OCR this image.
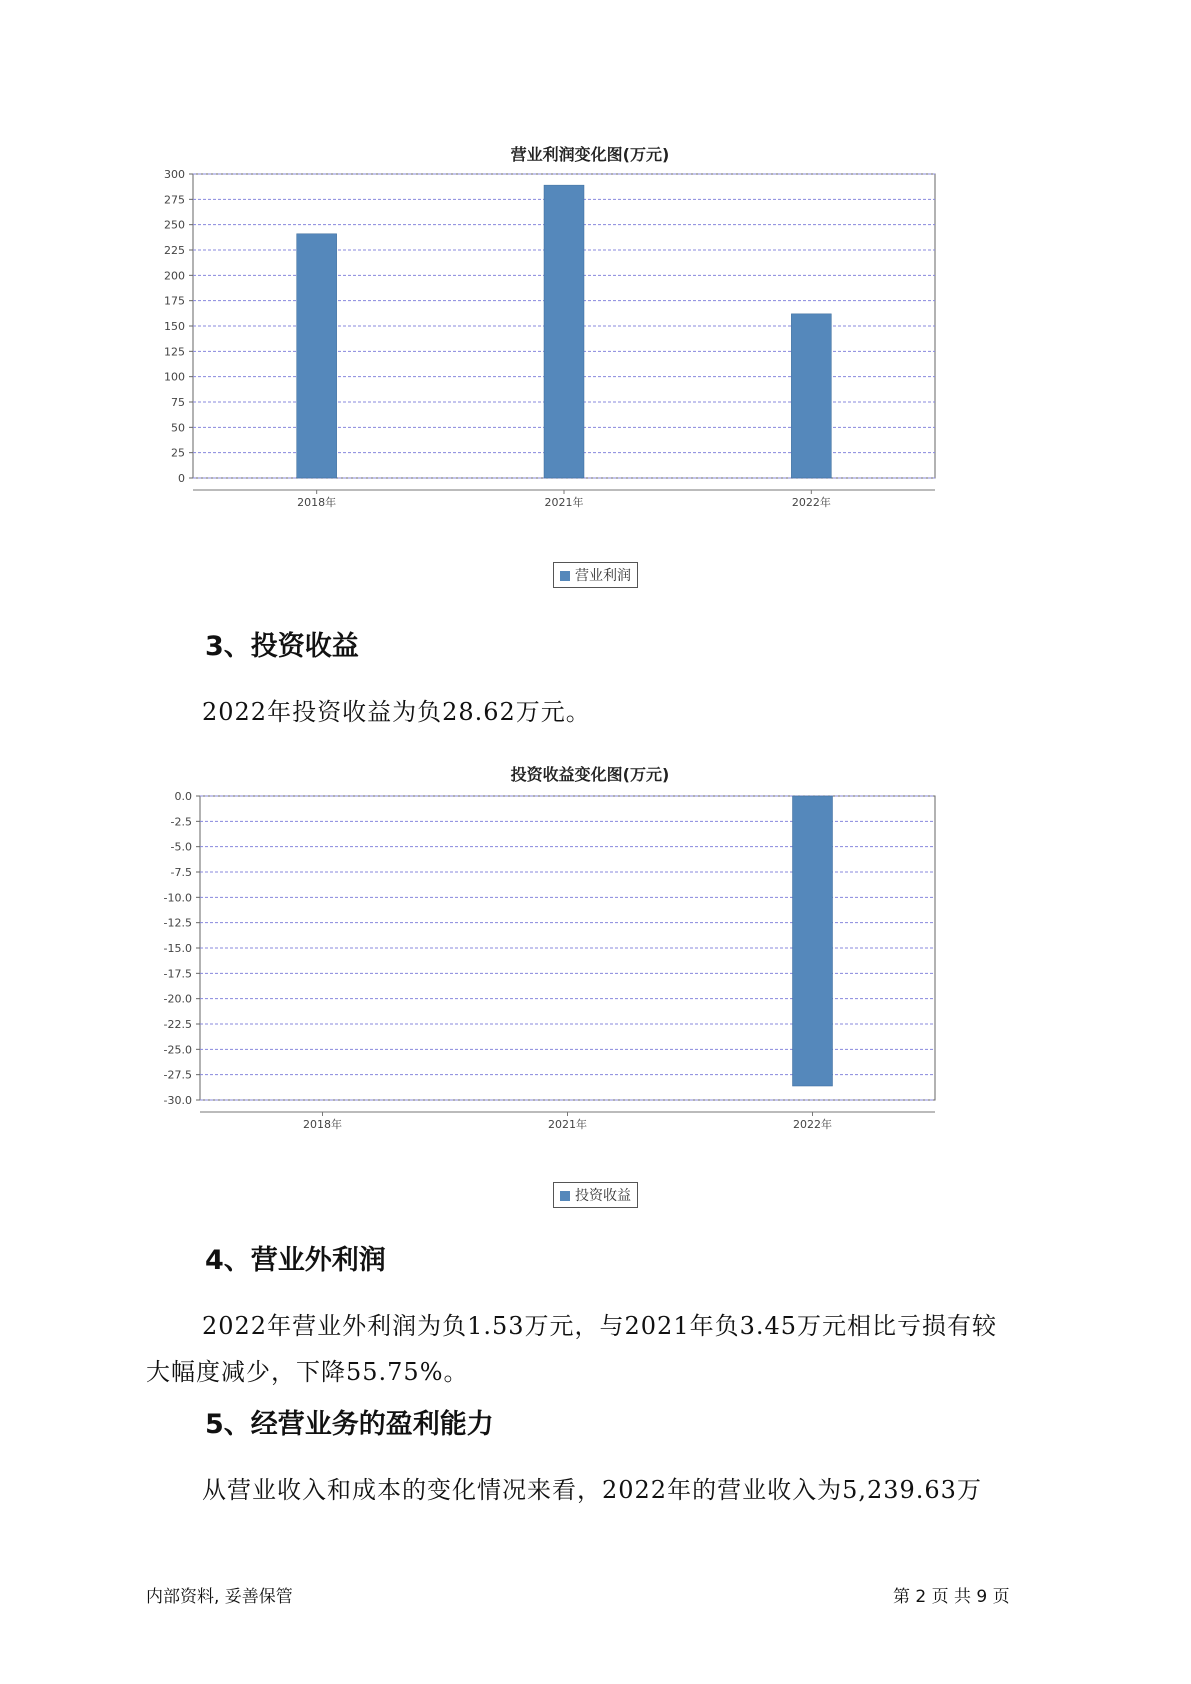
营业利润变化图(万元)
0
25
50
75
100
125
150
175
200
225
250
275
300
2018年	2021年	2022年
营业利润
3、投资收益
2022年投资收益为负28.62万元。
投资收益变化图(万元)
0.0
-2.5
-5.0
-7.5
-10.0
-12.5
-15.0
-17.5
-20.0
-22.5
-25.0
-27.5
-30.0
2018年	2021年	2022年
投资收益
4、营业外利润
2022年营业外利润为负1.53万元，与2021年负3.45万元相比亏损有较
大幅度减少，下降55.75%。
5、经营业务的盈利能力
从营业收入和成本的变化情况来看，2022年的营业收入为5,239.63万
内部资料, 妥善保管	第 2 页 共 9 页
